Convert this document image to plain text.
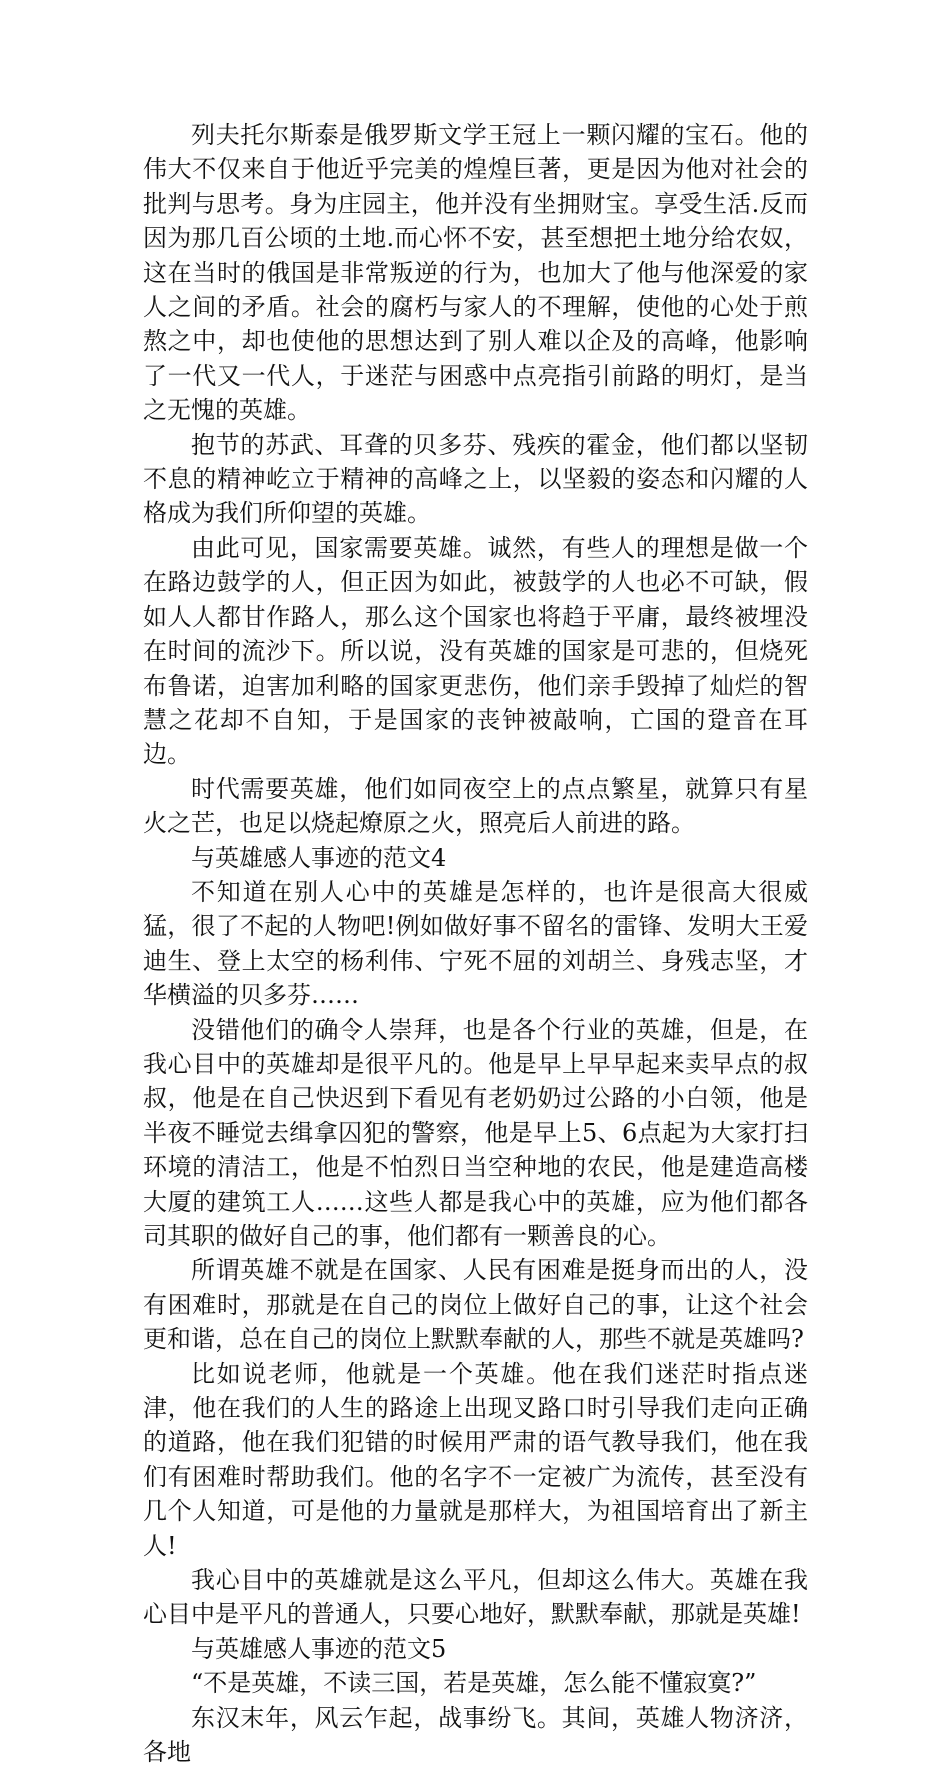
列夫托尔斯泰是俄罗斯文学王冠上一颗闪耀的宝石。他的伟大不仅来自于他近乎完美的煌煌巨著，更是因为他对社会的批判与思考。身为庄园主，他并没有坐拥财宝。享受生活.反而因为那几百公顷的土地.而心怀不安，甚至想把土地分给农奴，这在当时的俄国是非常叛逆的行为，也加大了他与他深爱的家人之间的矛盾。社会的腐朽与家人的不理解，使他的心处于煎熬之中，却也使他的思想达到了别人难以企及的高峰，他影响了一代又一代人，于迷茫与困惑中点亮指引前路的明灯，是当之无愧的英雄。

抱节的苏武、耳聋的贝多芬、残疾的霍金，他们都以坚韧不息的精神屹立于精神的高峰之上，以坚毅的姿态和闪耀的人格成为我们所仰望的英雄。

由此可见，国家需要英雄。诚然，有些人的理想是做一个在路边鼓学的人，但正因为如此，被鼓学的人也必不可缺，假如人人都甘作路人，那么这个国家也将趋于平庸，最终被埋没在时间的流沙下。所以说，没有英雄的国家是可悲的，但烧死布鲁诺，迫害加利略的国家更悲伤，他们亲手毁掉了灿烂的智慧之花却不自知，于是国家的丧钟被敲响，亡国的跫音在耳边。

时代需要英雄，他们如同夜空上的点点繁星，就算只有星火之芒，也足以烧起燎原之火，照亮后人前进的路。

与英雄感人事迹的范文4

不知道在别人心中的英雄是怎样的，也许是很高大很威猛，很了不起的人物吧!例如做好事不留名的雷锋、发明大王爱迪生、登上太空的杨利伟、宁死不屈的刘胡兰、身残志坚，才华横溢的贝多芬……

没错他们的确令人崇拜，也是各个行业的英雄，但是，在我心目中的英雄却是很平凡的。他是早上早早起来卖早点的叔叔，他是在自己快迟到下看见有老奶奶过公路的小白领，他是半夜不睡觉去缉拿囚犯的警察，他是早上5、6点起为大家打扫环境的清洁工，他是不怕烈日当空种地的农民，他是建造高楼大厦的建筑工人……这些人都是我心中的英雄，应为他们都各司其职的做好自己的事，他们都有一颗善良的心。

所谓英雄不就是在国家、人民有困难是挺身而出的人，没有困难时，那就是在自己的岗位上做好自己的事，让这个社会更和谐，总在自己的岗位上默默奉献的人，那些不就是英雄吗?

比如说老师，他就是一个英雄。他在我们迷茫时指点迷津，他在我们的人生的路途上出现叉路口时引导我们走向正确的道路，他在我们犯错的时候用严肃的语气教导我们，他在我们有困难时帮助我们。他的名字不一定被广为流传，甚至没有几个人知道，可是他的力量就是那样大，为祖国培育出了新主人!

我心目中的英雄就是这么平凡，但却这么伟大。英雄在我心目中是平凡的普通人，只要心地好，默默奉献，那就是英雄!

与英雄感人事迹的范文5

“不是英雄，不读三国，若是英雄，怎么能不懂寂寞?”

东汉末年，风云乍起，战事纷飞。其间，英雄人物济济，各地
